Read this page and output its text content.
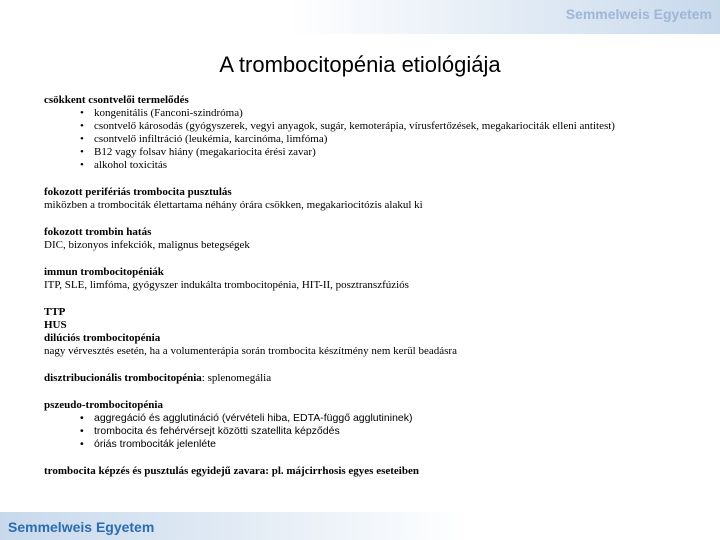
Semmelweis Egyetem
A trombocitopénia etiológiája
csökkent csontvelői termelődés
• kongenitális (Fanconi-szindróma)
• csontvelő károsodás (gyógyszerek, vegyi anyagok, sugár, kemoterápia, vírusfertőzések, megakariociták elleni antitest)
• csontvelő infiltráció (leukémia, karcinóma, limfóma)
• B12 vagy folsav hiány (megakariocita érési zavar)
• alkohol toxicitás
fokozott perifériás trombocita pusztulás
miközben a trombociták élettartama néhány órára csökken, megakariocitózis alakul ki
fokozott trombin hatás
DIC, bizonyos infekciók, malignus betegségek
immun trombocitopéniák
ITP, SLE, limfóma, gyógyszer indukálta trombocitopénia, HIT-II, posztranszfúziós
TTP
HUS
dilúciós trombocitopénia
nagy vérvesztés esetén, ha a volumenterápia során trombocita készítmény nem kerül beadásra
disztribucionális trombocitopénia: splenomegália
pszeudo-trombocitopénia
• aggregáció és agglutináció (vérvételi hiba, EDTA-függő agglutininek)
• trombocita és fehérvérsejt közötti szatellita képződés
• óriás trombociták jelenléte
trombocita képzés és pusztulás egyidejű zavara: pl. májcirrhosis egyes eseteiben
Semmelweis Egyetem
